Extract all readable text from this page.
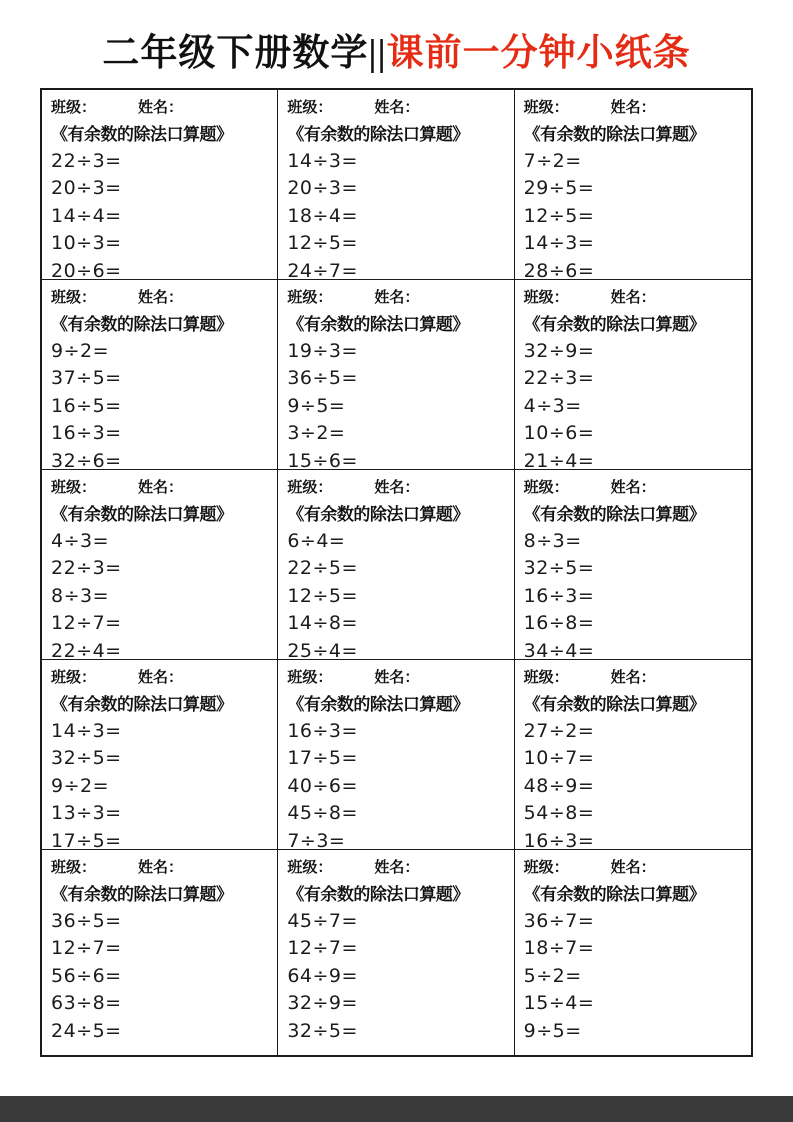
二年级下册数学||课前一分钟小纸条
班级：	姓名：
《有余数的除法口算题》
22÷3=
20÷3=
14÷4=
10÷3=
20÷6=
班级：	姓名：
《有余数的除法口算题》
14÷3=
20÷3=
18÷4=
12÷5=
24÷7=
班级：	姓名：
《有余数的除法口算题》
7÷2=
29÷5=
12÷5=
14÷3=
28÷6=
班级：	姓名：
《有余数的除法口算题》
9÷2=
37÷5=
16÷5=
16÷3=
32÷6=
班级：	姓名：
《有余数的除法口算题》
19÷3=
36÷5=
9÷5=
3÷2=
15÷6=
班级：	姓名：
《有余数的除法口算题》
32÷9=
22÷3=
4÷3=
10÷6=
21÷4=
班级：	姓名：
《有余数的除法口算题》
4÷3=
22÷3=
8÷3=
12÷7=
22÷4=
班级：	姓名：
《有余数的除法口算题》
6÷4=
22÷5=
12÷5=
14÷8=
25÷4=
班级：	姓名：
《有余数的除法口算题》
8÷3=
32÷5=
16÷3=
16÷8=
34÷4=
班级：	姓名：
《有余数的除法口算题》
14÷3=
32÷5=
9÷2=
13÷3=
17÷5=
班级：	姓名：
《有余数的除法口算题》
16÷3=
17÷5=
40÷6=
45÷8=
7÷3=
班级：	姓名：
《有余数的除法口算题》
27÷2=
10÷7=
48÷9=
54÷8=
16÷3=
班级：	姓名：
《有余数的除法口算题》
36÷5=
12÷7=
56÷6=
63÷8=
24÷5=
班级：	姓名：
《有余数的除法口算题》
45÷7=
12÷7=
64÷9=
32÷9=
32÷5=
班级：	姓名：
《有余数的除法口算题》
36÷7=
18÷7=
5÷2=
15÷4=
9÷5=
